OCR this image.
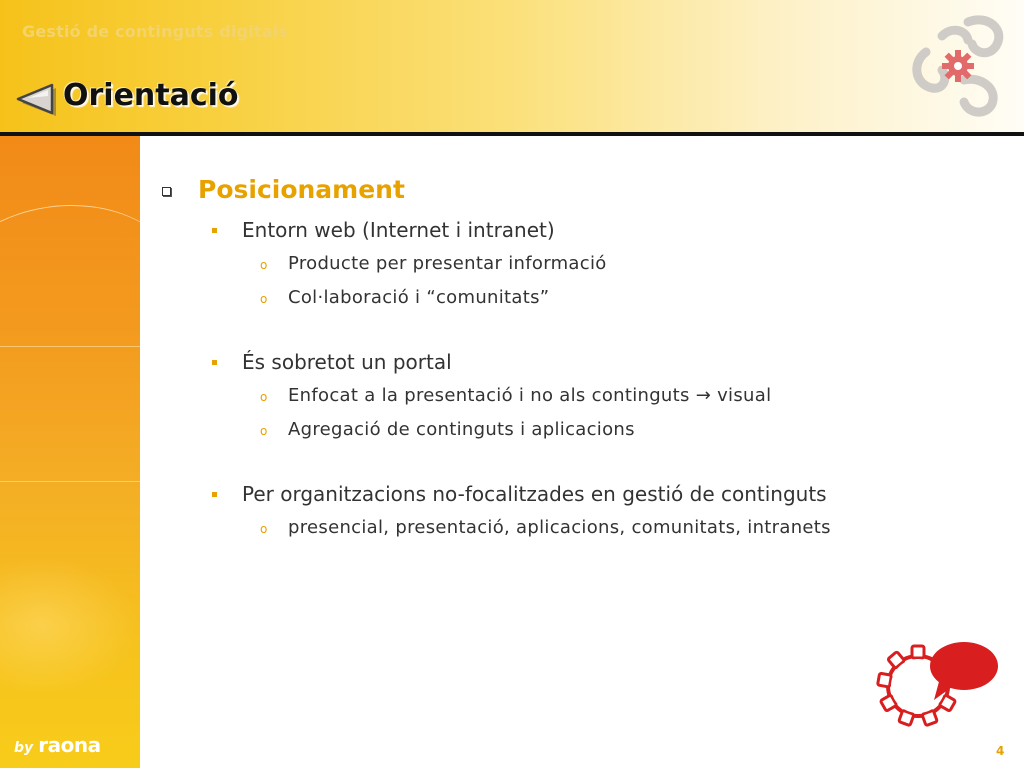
Gestió de continguts digitals
Orientació
by raona
Posicionament
Entorn web (Internet i intranet)
o Producte per presentar informació
o Col·laboració i “comunitats”
És sobretot un portal
o Enfocat a la presentació i no als continguts → visual
o Agregació de continguts i aplicacions
Per organitzacions no-focalitzades en gestió de continguts
o presencial, presentació, aplicacions, comunitats, intranets
4
